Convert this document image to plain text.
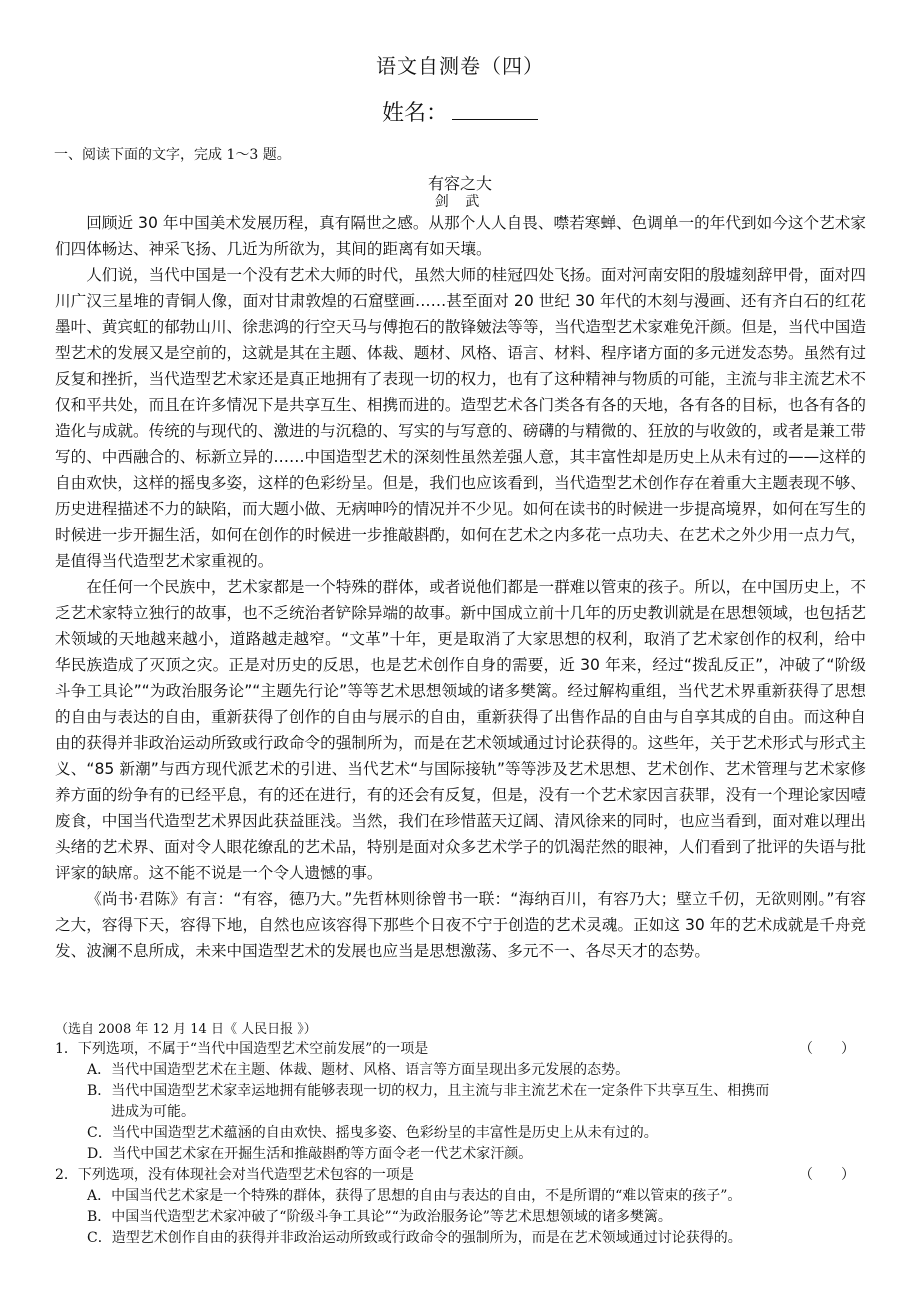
语文自测卷（四）
姓名：
一、阅读下面的文字，完成 1～3 题。
有容之大
剑 武

回顾近 30 年中国美术发展历程，真有隔世之感。从那个人人自畏、噤若寒蝉、色调单一的年代到如今这个艺术家们四体畅达、神采飞扬、几近为所欲为，其间的距离有如天壤。

人们说，当代中国是一个没有艺术大师的时代，虽然大师的桂冠四处飞扬。面对河南安阳的殷墟刻辞甲骨，面对四川广汉三星堆的青铜人像，面对甘肃敦煌的石窟壁画……甚至面对 20 世纪 30 年代的木刻与漫画、还有齐白石的红花墨叶、黄宾虹的郁勃山川、徐悲鸿的行空天马与傅抱石的散锋皴法等等，当代造型艺术家难免汗颜。但是，当代中国造型艺术的发展又是空前的，这就是其在主题、体裁、题材、风格、语言、材料、程序诸方面的多元迸发态势。虽然有过反复和挫折，当代造型艺术家还是真正地拥有了表现一切的权力，也有了这种精神与物质的可能，主流与非主流艺术不仅和平共处，而且在许多情况下是共享互生、相携而进的。造型艺术各门类各有各的天地，各有各的目标，也各有各的造化与成就。传统的与现代的、激进的与沉稳的、写实的与写意的、磅礴的与精微的、狂放的与收敛的，或者是兼工带写的、中西融合的、标新立异的……中国造型艺术的深刻性虽然差强人意，其丰富性却是历史上从未有过的——这样的自由欢快，这样的摇曳多姿，这样的色彩纷呈。但是，我们也应该看到，当代造型艺术创作存在着重大主题表现不够、历史进程描述不力的缺陷，而大题小做、无病呻吟的情况并不少见。如何在读书的时候进一步提高境界，如何在写生的时候进一步开掘生活，如何在创作的时候进一步推敲斟酌，如何在艺术之内多花一点功夫、在艺术之外少用一点力气，是值得当代造型艺术家重视的。

在任何一个民族中，艺术家都是一个特殊的群体，或者说他们都是一群难以管束的孩子。所以，在中国历史上，不乏艺术家特立独行的故事，也不乏统治者铲除异端的故事。新中国成立前十几年的历史教训就是在思想领域，也包括艺术领域的天地越来越小，道路越走越窄。“文革”十年，更是取消了大家思想的权利，取消了艺术家创作的权利，给中华民族造成了灭顶之灾。正是对历史的反思，也是艺术创作自身的需要，近 30 年来，经过“拨乱反正”，冲破了“阶级斗争工具论”“为政治服务论”“主题先行论”等等艺术思想领域的诸多樊篱。经过解构重组，当代艺术界重新获得了思想的自由与表达的自由，重新获得了创作的自由与展示的自由，重新获得了出售作品的自由与自享其成的自由。而这种自由的获得并非政治运动所致或行政命令的强制所为，而是在艺术领域通过讨论获得的。这些年，关于艺术形式与形式主义、“85 新潮”与西方现代派艺术的引进、当代艺术“与国际接轨”等等涉及艺术思想、艺术创作、艺术管理与艺术家修养方面的纷争有的已经平息，有的还在进行，有的还会有反复，但是，没有一个艺术家因言获罪，没有一个理论家因噎废食，中国当代造型艺术界因此获益匪浅。当然，我们在珍惜蓝天辽阔、清风徐来的同时，也应当看到，面对难以理出头绪的艺术界、面对令人眼花缭乱的艺术品，特别是面对众多艺术学子的饥渴茫然的眼神，人们看到了批评的失语与批评家的缺席。这不能不说是一个令人遗憾的事。

《尚书·君陈》有言：“有容，德乃大。”先哲林则徐曾书一联：“海纳百川，有容乃大；壁立千仞，无欲则刚。”有容之大，容得下天，容得下地，自然也应该容得下那些个日夜不宁于创造的艺术灵魂。正如这 30 年的艺术成就是千舟竞发、波澜不息所成，未来中国造型艺术的发展也应当是思想激荡、多元不一、各尽天才的态势。

（选自 2008 年 12 月 14 日《 人民日报 》）
1．下列选项，不属于“当代中国造型艺术空前发展”的一项是	（　　）
A．当代中国造型艺术在主题、体裁、题材、风格、语言等方面呈现出多元发展的态势。
B．当代中国造型艺术家幸运地拥有能够表现一切的权力，且主流与非主流艺术在一定条件下共享互生、相携而
进成为可能。
C．当代中国造型艺术蕴涵的自由欢快、摇曳多姿、色彩纷呈的丰富性是历史上从未有过的。
D．当代中国艺术家在开掘生活和推敲斟酌等方面令老一代艺术家汗颜。
2．下列选项，没有体现社会对当代造型艺术包容的一项是	（　　）
A．中国当代艺术家是一个特殊的群体，获得了思想的自由与表达的自由，不是所谓的“难以管束的孩子”。
B．中国当代造型艺术家冲破了“阶级斗争工具论”“为政治服务论”等艺术思想领域的诸多樊篱。
C．造型艺术创作自由的获得并非政治运动所致或行政命令的强制所为，而是在艺术领域通过讨论获得的。
